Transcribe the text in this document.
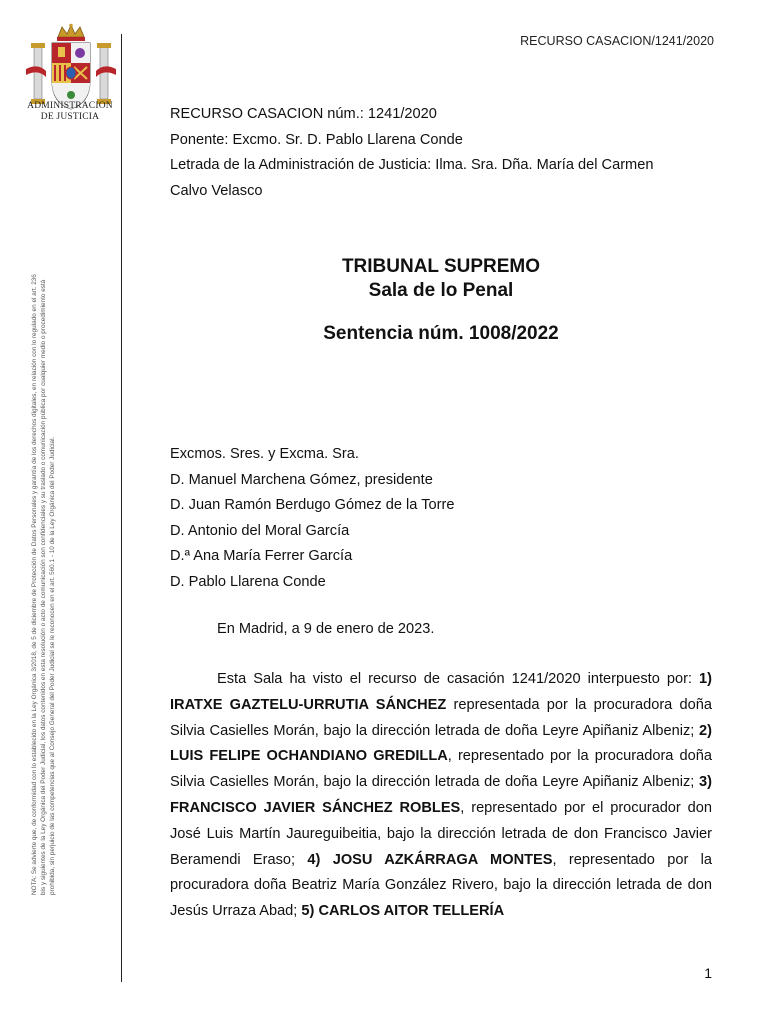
RECURSO CASACION/1241/2020
ADMINISTRACION
DE JUSTICIA
NOTA: Se advierte que, de conformidad con lo establecido en la Ley Orgánica 3/2018, de 5 de diciembre de Protección de Datos Personales y garantía de los derechos digitales, en relación con lo regulado en el art. 236 bis y siguientes de la Ley Orgánica del Poder Judicial, los datos contenidos en esta resolución o acto de comunicación son confidenciales y su traslado o comunicación pública por cualquier medio o procedimiento está prohibida, sin perjuicio de las competencias que al Consejo General del Poder Judicial se le reconocen en el art. 560.1 - 10 de la Ley Orgánica del Poder Judicial.
RECURSO CASACION núm.: 1241/2020
Ponente: Excmo. Sr. D. Pablo Llarena Conde
Letrada de la Administración de Justicia: Ilma. Sra. Dña. María del Carmen
Calvo Velasco
TRIBUNAL SUPREMO
Sala de lo Penal
Sentencia núm. 1008/2022
Excmos. Sres. y Excma. Sra.
D. Manuel Marchena Gómez, presidente
D. Juan Ramón Berdugo Gómez de la Torre
D. Antonio del Moral García
D.ª Ana María Ferrer García
D. Pablo Llarena Conde
En Madrid, a 9 de enero de 2023.
Esta Sala ha visto el recurso de casación 1241/2020 interpuesto por: 1) IRATXE GAZTELU-URRUTIA SÁNCHEZ representada por la procuradora doña Silvia Casielles Morán, bajo la dirección letrada de doña Leyre Apiñaniz Albeniz; 2) LUIS FELIPE OCHANDIANO GREDILLA, representado por la procuradora doña Silvia Casielles Morán, bajo la dirección letrada de doña Leyre Apiñaniz Albeniz; 3) FRANCISCO JAVIER SÁNCHEZ ROBLES, representado por el procurador don José Luis Martín Jaureguibeitia, bajo la dirección letrada de don Francisco Javier Beramendi Eraso; 4) JOSU AZKÁRRAGA MONTES, representado por la procuradora doña Beatriz María González Rivero, bajo la dirección letrada de don Jesús Urraza Abad; 5) CARLOS AITOR TELLERÍA
1
